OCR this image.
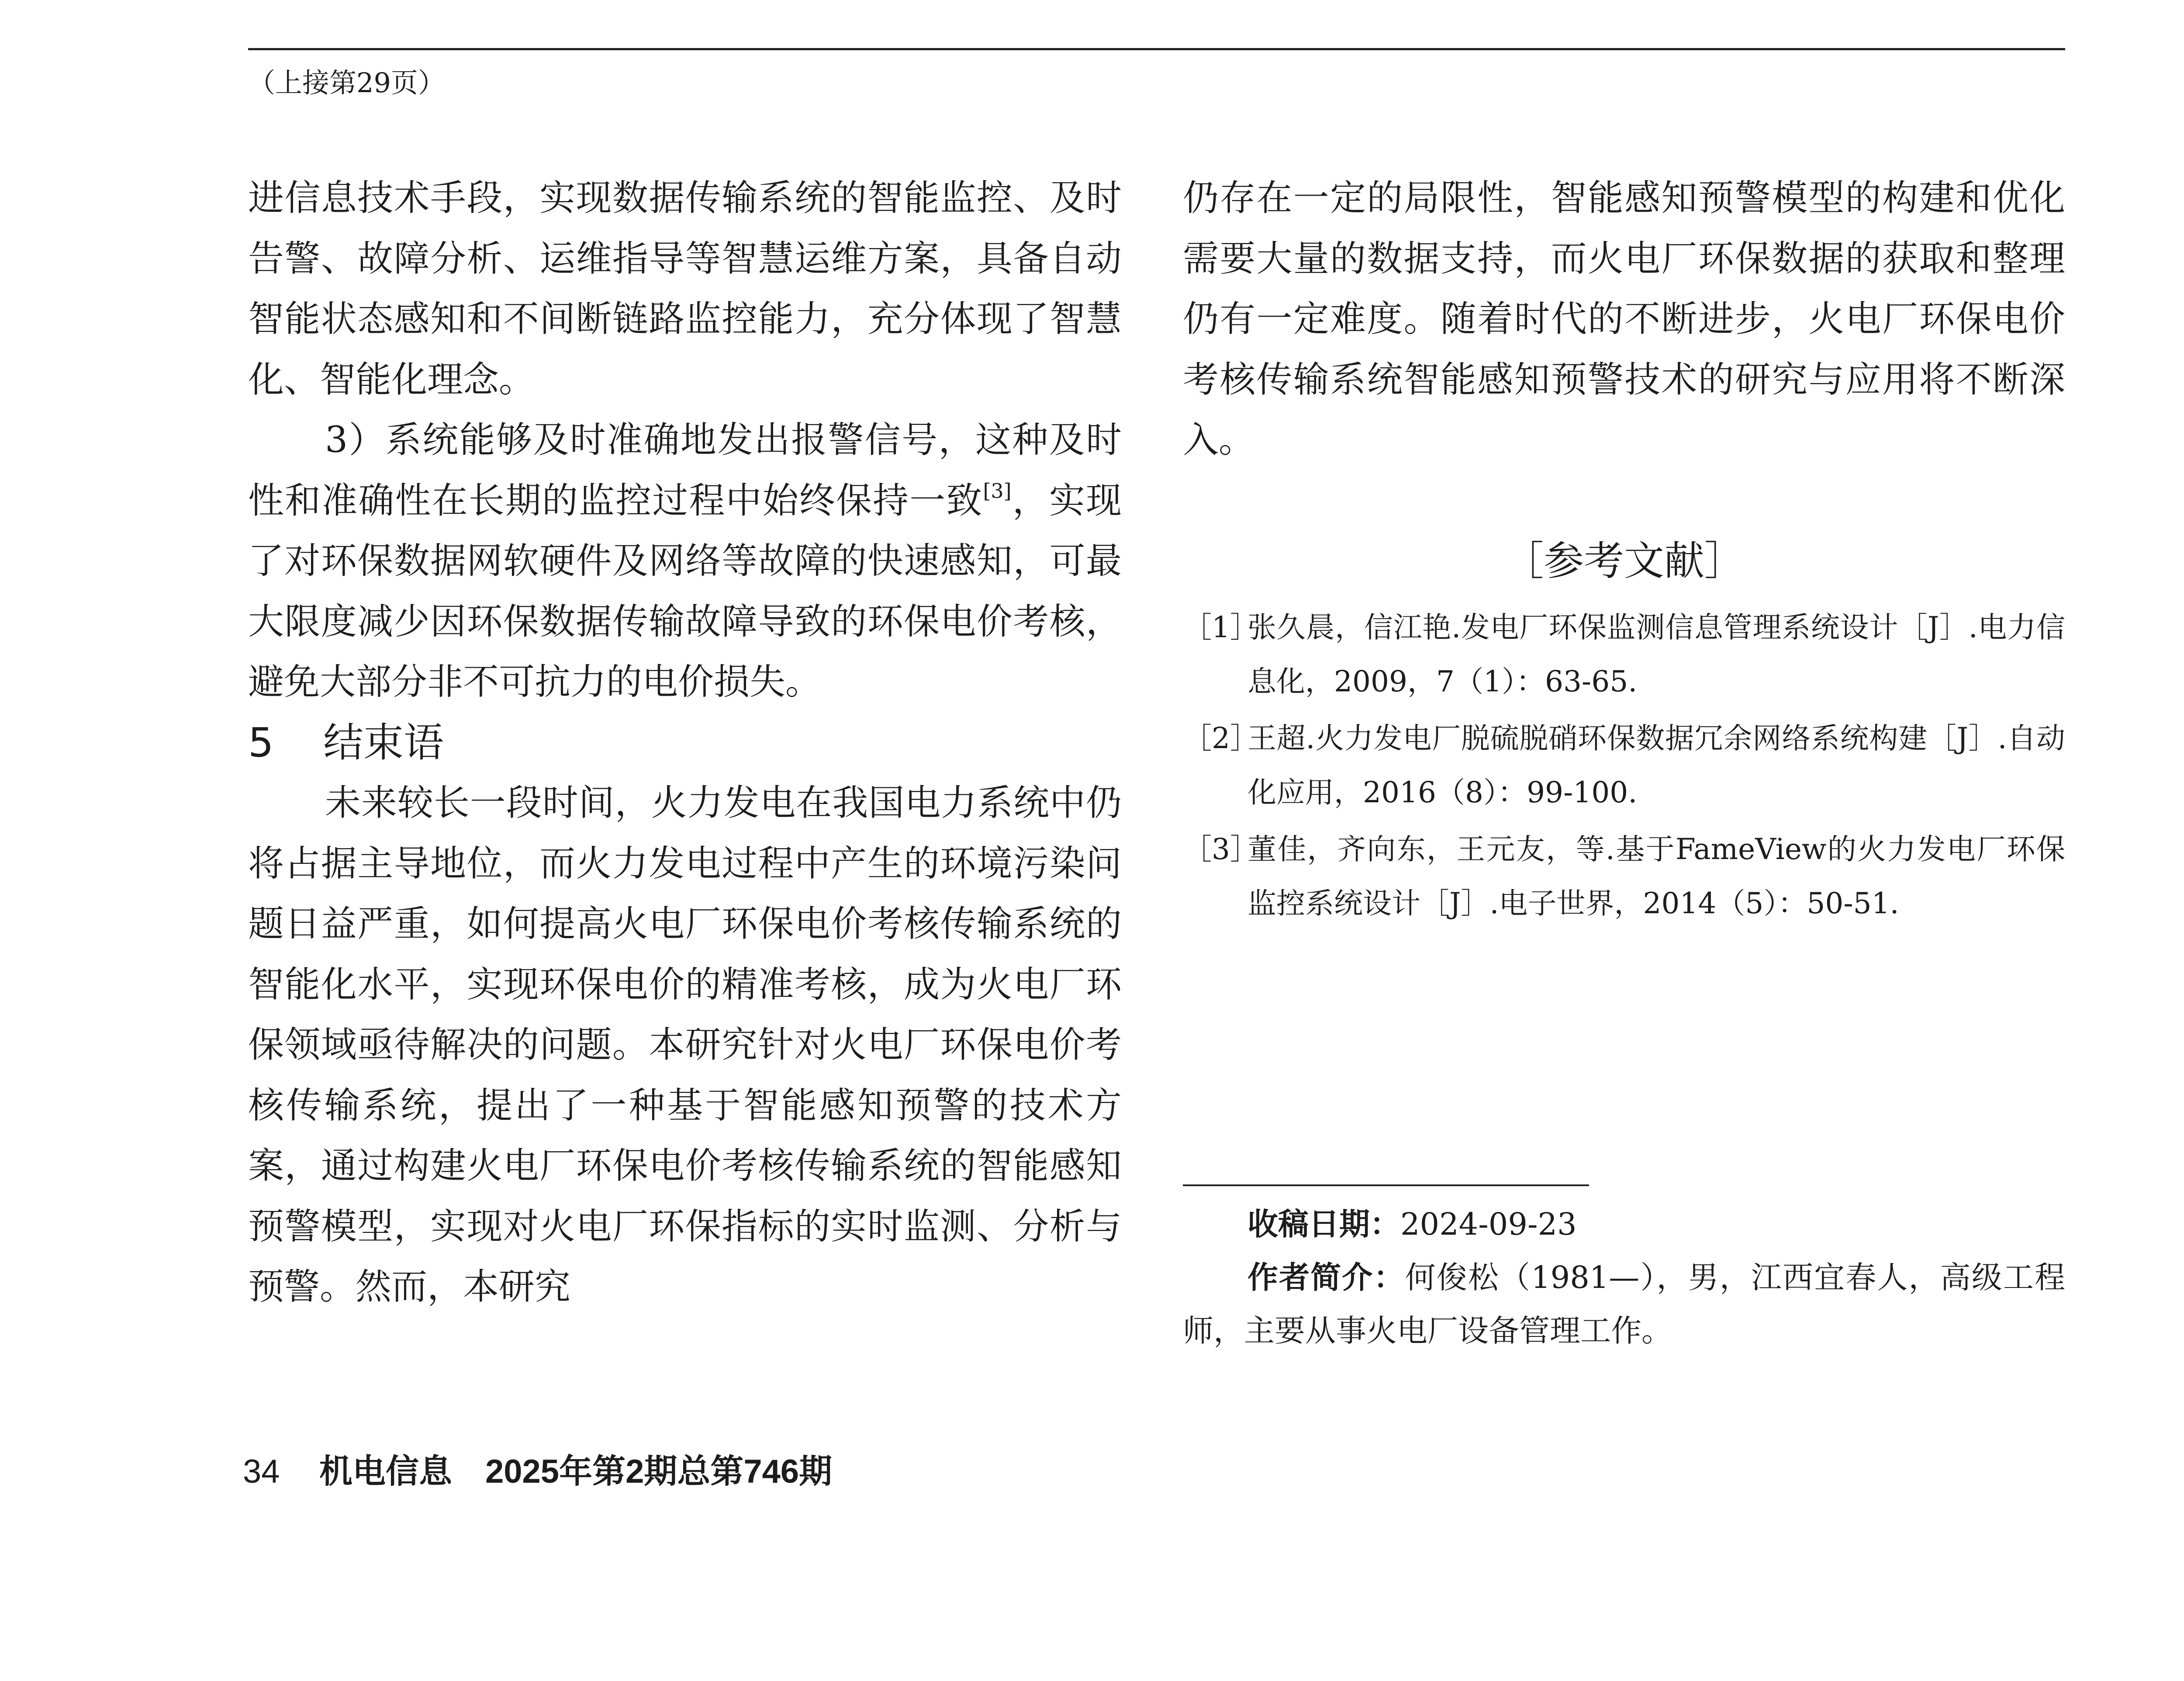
（上接第29页）

进信息技术手段，实现数据传输系统的智能监控、及时告警、故障分析、运维指导等智慧运维方案，具备自动智能状态感知和不间断链路监控能力，充分体现了智慧化、智能化理念。

3）系统能够及时准确地发出报警信号，这种及时性和准确性在长期的监控过程中始终保持一致[3]，实现了对环保数据网软硬件及网络等故障的快速感知，可最大限度减少因环保数据传输故障导致的环保电价考核，避免大部分非不可抗力的电价损失。

5 结束语

未来较长一段时间，火力发电在我国电力系统中仍将占据主导地位，而火力发电过程中产生的环境污染问题日益严重，如何提高火电厂环保电价考核传输系统的智能化水平，实现环保电价的精准考核，成为火电厂环保领域亟待解决的问题。本研究针对火电厂环保电价考核传输系统，提出了一种基于智能感知预警的技术方案，通过构建火电厂环保电价考核传输系统的智能感知预警模型，实现对火电厂环保指标的实时监测、分析与预警。然而，本研究

仍存在一定的局限性，智能感知预警模型的构建和优化需要大量的数据支持，而火电厂环保数据的获取和整理仍有一定难度。随着时代的不断进步，火电厂环保电价考核传输系统智能感知预警技术的研究与应用将不断深入。

［参考文献］
［1］
张久晨，信江艳.发电厂环保监测信息管理系统设计［J］.电力信息化，2009，7（1）：63-65.
［2］
王超.火力发电厂脱硫脱硝环保数据冗余网络系统构建［J］.自动化应用，2016（8）：99-100.
［3］
董佳，齐向东，王元友，等.基于FameView的火力发电厂环保监控系统设计［J］.电子世界，2014（5）：50-51.

收稿日期：2024-09-23

作者简介：何俊松（1981—），男，江西宜春人，高级工程师，主要从事火电厂设备管理工作。

34 机电信息　2025年第2期总第746期
